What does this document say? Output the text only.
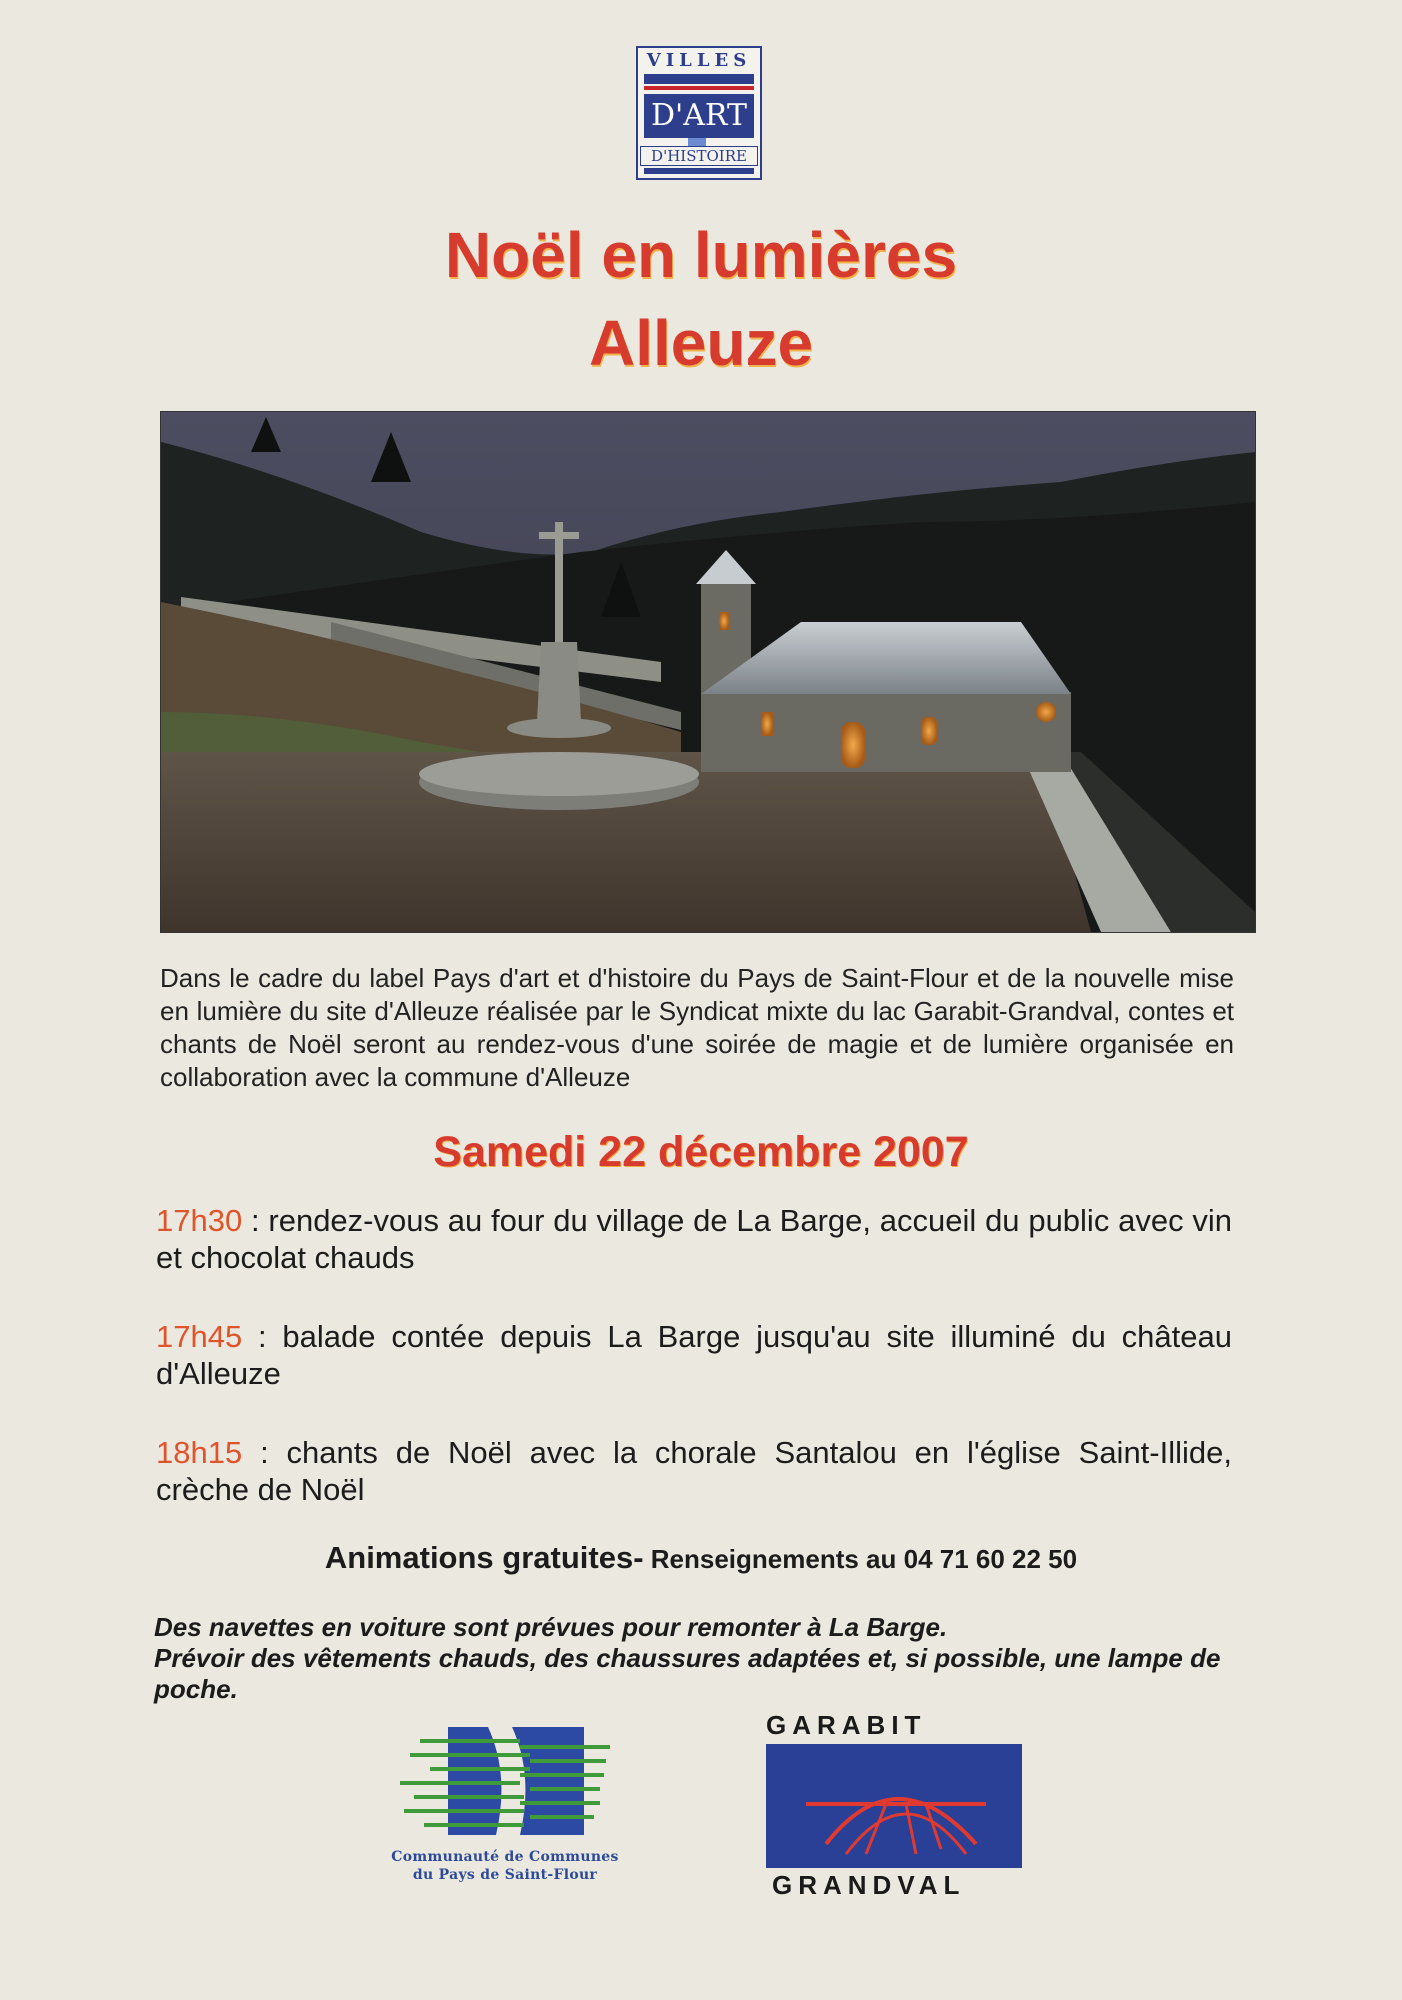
VILLES
D'ART
D'HISTOIRE
Noël en lumières
Alleuze
Dans le cadre du label Pays d'art et d'histoire du Pays de Saint-Flour et de la nouvelle mise en lumière du site d'Alleuze réalisée par le Syndicat mixte du lac Garabit-Grandval, contes et chants de Noël seront au rendez-vous d'une soirée de magie et de lumière organisée en collaboration avec la commune d'Alleuze
Samedi 22 décembre 2007
17h30 : rendez-vous au four du village de La Barge, accueil du public avec vin et chocolat chauds
17h45 : balade contée depuis La Barge jusqu'au site illuminé du château d'Alleuze
18h15 : chants de Noël avec la chorale Santalou en l'église Saint-Illide, crèche de Noël
Animations gratuites- Renseignements au 04 71 60 22 50
Des navettes en voiture sont prévues pour remonter à La Barge.
Prévoir des vêtements chauds, des chaussures adaptées et, si possible, une lampe de poche.
Communauté de Communes
du Pays de Saint-Flour
GARABIT
GRANDVAL
